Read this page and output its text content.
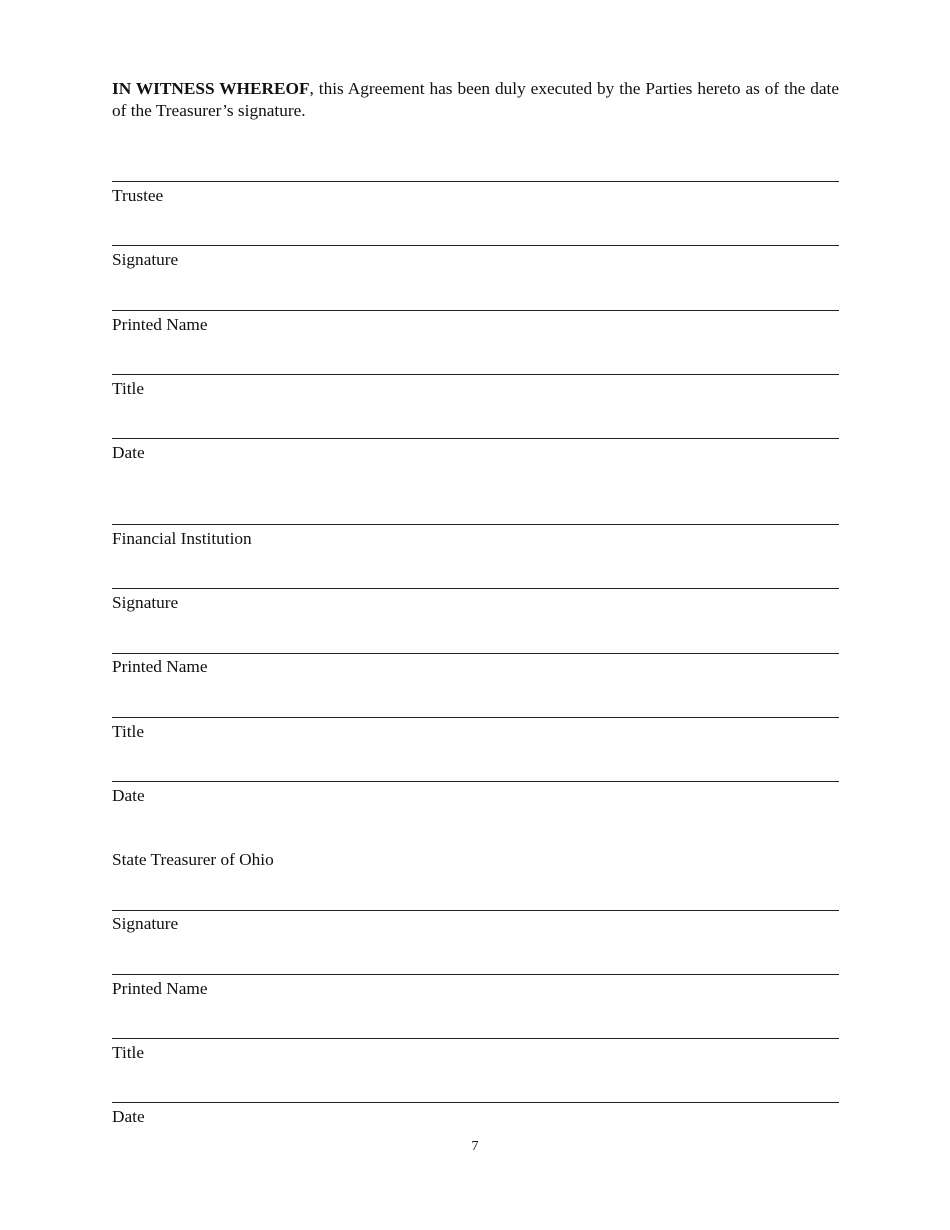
IN WITNESS WHEREOF, this Agreement has been duly executed by the Parties hereto as of the date of the Treasurer’s signature.

Trustee
Signature
Printed Name
Title
Date
Financial Institution
Signature
Printed Name
Title
Date
State Treasurer of Ohio
Signature
Printed Name
Title
Date
7
